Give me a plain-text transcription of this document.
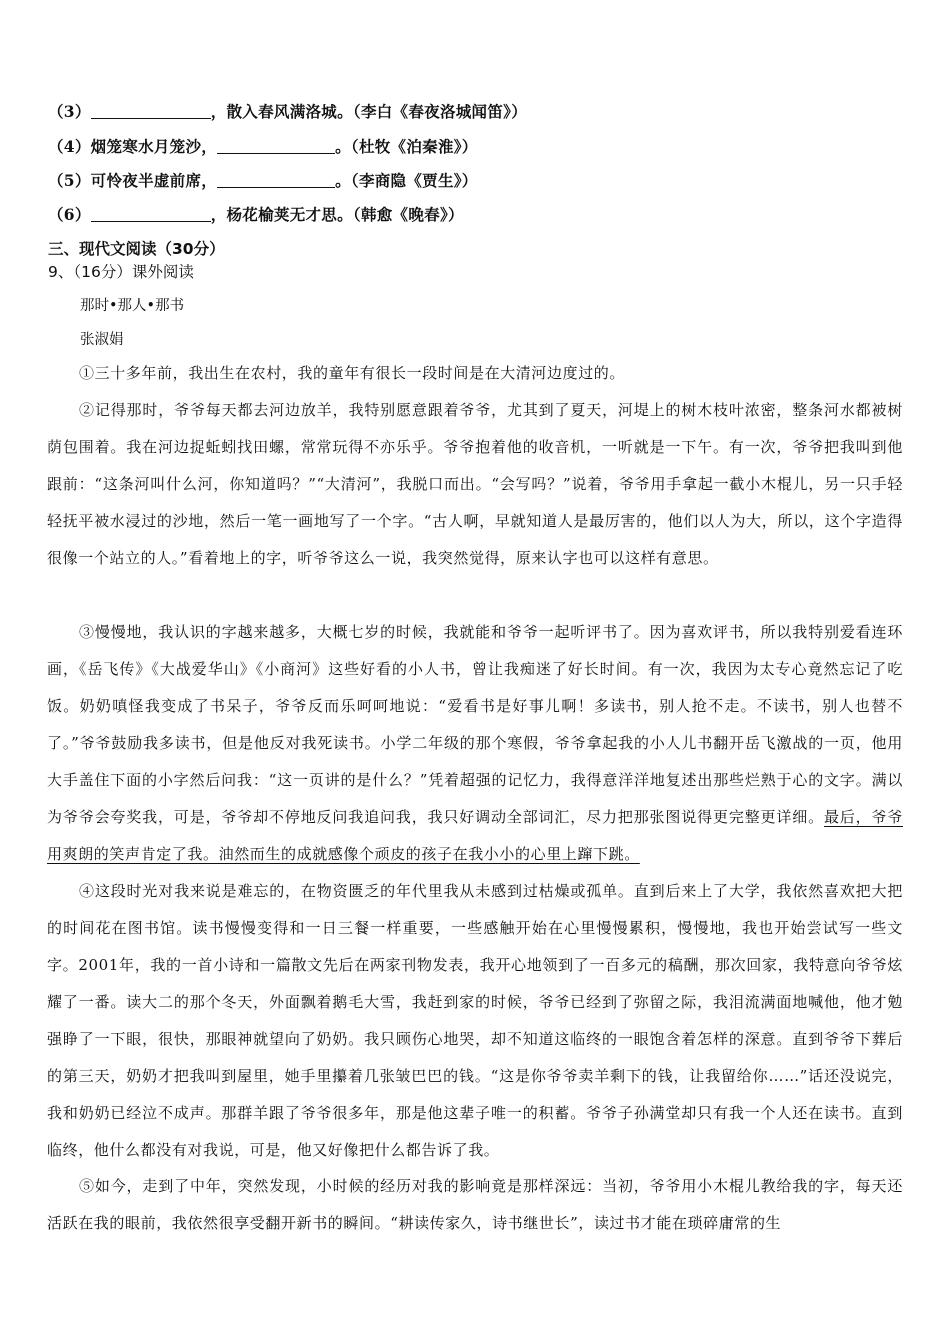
（3）	，散入春风满洛城。（李白《春夜洛城闻笛》）
（4）烟笼寒水月笼沙，	。（杜牧《泊秦淮》）
（5）可怜夜半虚前席，	。（李商隐《贾生》）
（6）	，杨花榆荚无才思。（韩愈《晚春》）
三、现代文阅读（30分）
9、（16分）课外阅读
那时•那人•那书
张淑娟

①三十多年前，我出生在农村，我的童年有很长一段时间是在大清河边度过的。

②记得那时，爷爷每天都去河边放羊，我特别愿意跟着爷爷，尤其到了夏天，河堤上的树木枝叶浓密，整条河水都被树荫包围着。我在河边捉蚯蚓找田螺，常常玩得不亦乐乎。爷爷抱着他的收音机，一听就是一下午。有一次，爷爷把我叫到他跟前：“这条河叫什么河，你知道吗？”“大清河”，我脱口而出。“会写吗？”说着，爷爷用手拿起一截小木棍儿，另一只手轻轻抚平被水浸过的沙地，然后一笔一画地写了一个字。“古人啊，早就知道人是最厉害的，他们以人为大，所以，这个字造得很像一个站立的人。”看着地上的字，听爷爷这么一说，我突然觉得，原来认字也可以这样有意思。

③慢慢地，我认识的字越来越多，大概七岁的时候，我就能和爷爷一起听评书了。因为喜欢评书，所以我特别爱看连环画，《岳飞传》《大战爱华山》《小商河》这些好看的小人书，曾让我痴迷了好长时间。有一次，我因为太专心竟然忘记了吃饭。奶奶嗔怪我变成了书呆子，爷爷反而乐呵呵地说：“爱看书是好事儿啊！多读书，别人抢不走。不读书，别人也替不了。”爷爷鼓励我多读书，但是他反对我死读书。小学二年级的那个寒假，爷爷拿起我的小人儿书翻开岳飞激战的一页，他用大手盖住下面的小字然后问我：“这一页讲的是什么？”凭着超强的记忆力，我得意洋洋地复述出那些烂熟于心的文字。满以为爷爷会夸奖我，可是，爷爷却不停地反问我追问我，我只好调动全部词汇，尽力把那张图说得更完整更详细。最后，爷爷用爽朗的笑声肯定了我。油然而生的成就感像个顽皮的孩子在我小小的心里上蹿下跳。

④这段时光对我来说是难忘的，在物资匮乏的年代里我从未感到过枯燥或孤单。直到后来上了大学，我依然喜欢把大把的时间花在图书馆。读书慢慢变得和一日三餐一样重要，一些感触开始在心里慢慢累积，慢慢地，我也开始尝试写一些文字。2001年，我的一首小诗和一篇散文先后在两家刊物发表，我开心地领到了一百多元的稿酬，那次回家，我特意向爷爷炫耀了一番。读大二的那个冬天，外面飘着鹅毛大雪，我赶到家的时候，爷爷已经到了弥留之际，我泪流满面地喊他，他才勉强睁了一下眼，很快，那眼神就望向了奶奶。我只顾伤心地哭，却不知道这临终的一眼饱含着怎样的深意。直到爷爷下葬后的第三天，奶奶才把我叫到屋里，她手里攥着几张皱巴巴的钱。“这是你爷爷卖羊剩下的钱，让我留给你……”话还没说完，我和奶奶已经泣不成声。那群羊跟了爷爷很多年，那是他这辈子唯一的积蓄。爷爷子孙满堂却只有我一个人还在读书。直到临终，他什么都没有对我说，可是，他又好像把什么都告诉了我。

⑤如今，走到了中年，突然发现，小时候的经历对我的影响竟是那样深远：当初，爷爷用小木棍儿教给我的字，每天还活跃在我的眼前，我依然很享受翻开新书的瞬间。“耕读传家久，诗书继世长”，读过书才能在琐碎庸常的生
